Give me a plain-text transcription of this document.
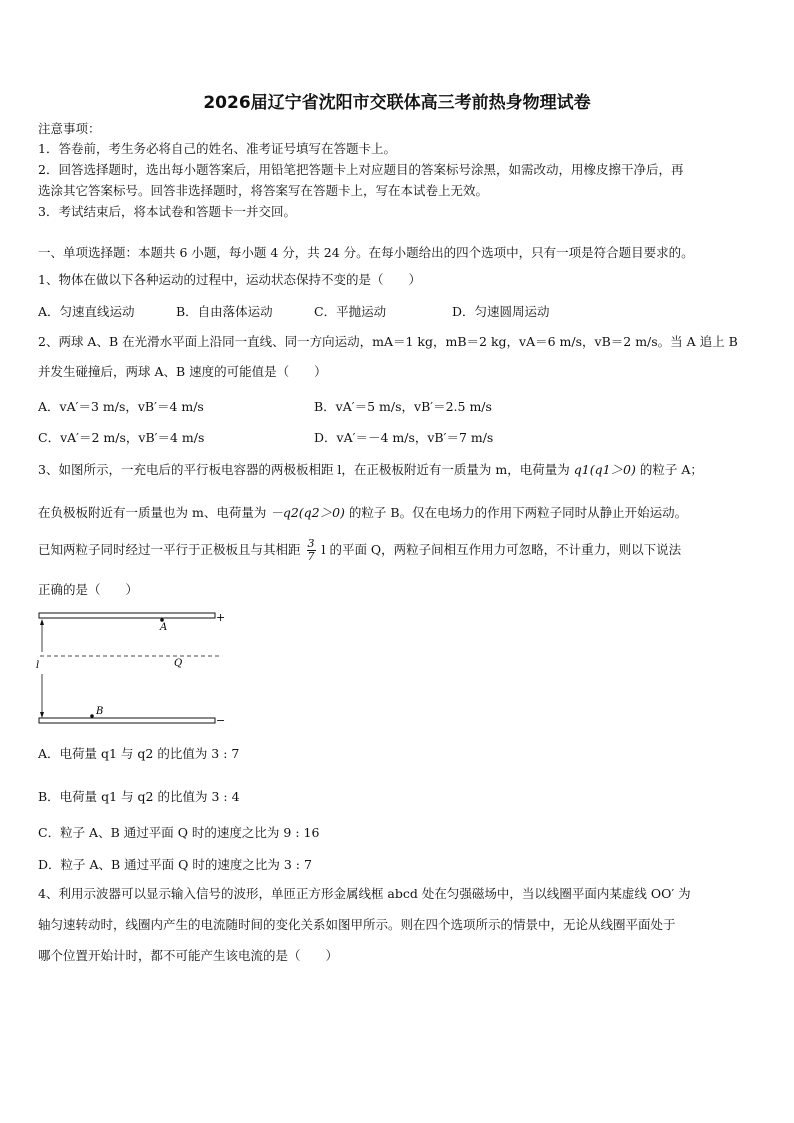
2026届辽宁省沈阳市交联体高三考前热身物理试卷
注意事项：
1．答卷前，考生务必将自己的姓名、准考证号填写在答题卡上。
2．回答选择题时，选出每小题答案后，用铅笔把答题卡上对应题目的答案标号涂黑，如需改动，用橡皮擦干净后，再
选涂其它答案标号。回答非选择题时，将答案写在答题卡上，写在本试卷上无效。
3．考试结束后，将本试卷和答题卡一并交回。
一、单项选择题：本题共 6 小题，每小题 4 分，共 24 分。在每小题给出的四个选项中，只有一项是符合题目要求的。
1、物体在做以下各种运动的过程中，运动状态保持不变的是（　　）
A．匀速直线运动	B．自由落体运动	C．平抛运动	D．匀速圆周运动
2、两球 A、B 在光滑水平面上沿同一直线、同一方向运动，mA＝1 kg，mB＝2 kg，vA＝6 m/s，vB＝2 m/s。当 A 追上 B
并发生碰撞后，两球 A、B 速度的可能值是（　　）
A．vA′＝3 m/s，vB′＝4 m/s	B．vA′＝5 m/s，vB′＝2.5 m/s
C．vA′＝2 m/s，vB′＝4 m/s	D．vA′＝－4 m/s，vB′＝7 m/s
3、如图所示，一充电后的平行板电容器的两极板相距 l，在正极板附近有一质量为 m，电荷量为 q1(q1＞0) 的粒子 A；
在负极板附近有一质量也为 m、电荷量为 －q2(q2＞0) 的粒子 B。仅在电场力的作用下两粒子同时从静止开始运动。
已知两粒子同时经过一平行于正极板且与其相距 $\frac{3}{7}$ l 的平面 Q，两粒子间相互作用力可忽略，不计重力，则以下说法
正确的是（　　）
+
A
Q
l
B
−
A．电荷量 q1 与 q2 的比值为 3 : 7
B．电荷量 q1 与 q2 的比值为 3 : 4
C．粒子 A、B 通过平面 Q 时的速度之比为 9 : 16
D．粒子 A、B 通过平面 Q 时的速度之比为 3 : 7
4、利用示波器可以显示输入信号的波形，单匝正方形金属线框 abcd 处在匀强磁场中，当以线圈平面内某虚线 OO′ 为
轴匀速转动时，线圈内产生的电流随时间的变化关系如图甲所示。则在四个选项所示的情景中，无论从线圈平面处于
哪个位置开始计时，都不可能产生该电流的是（　　）
